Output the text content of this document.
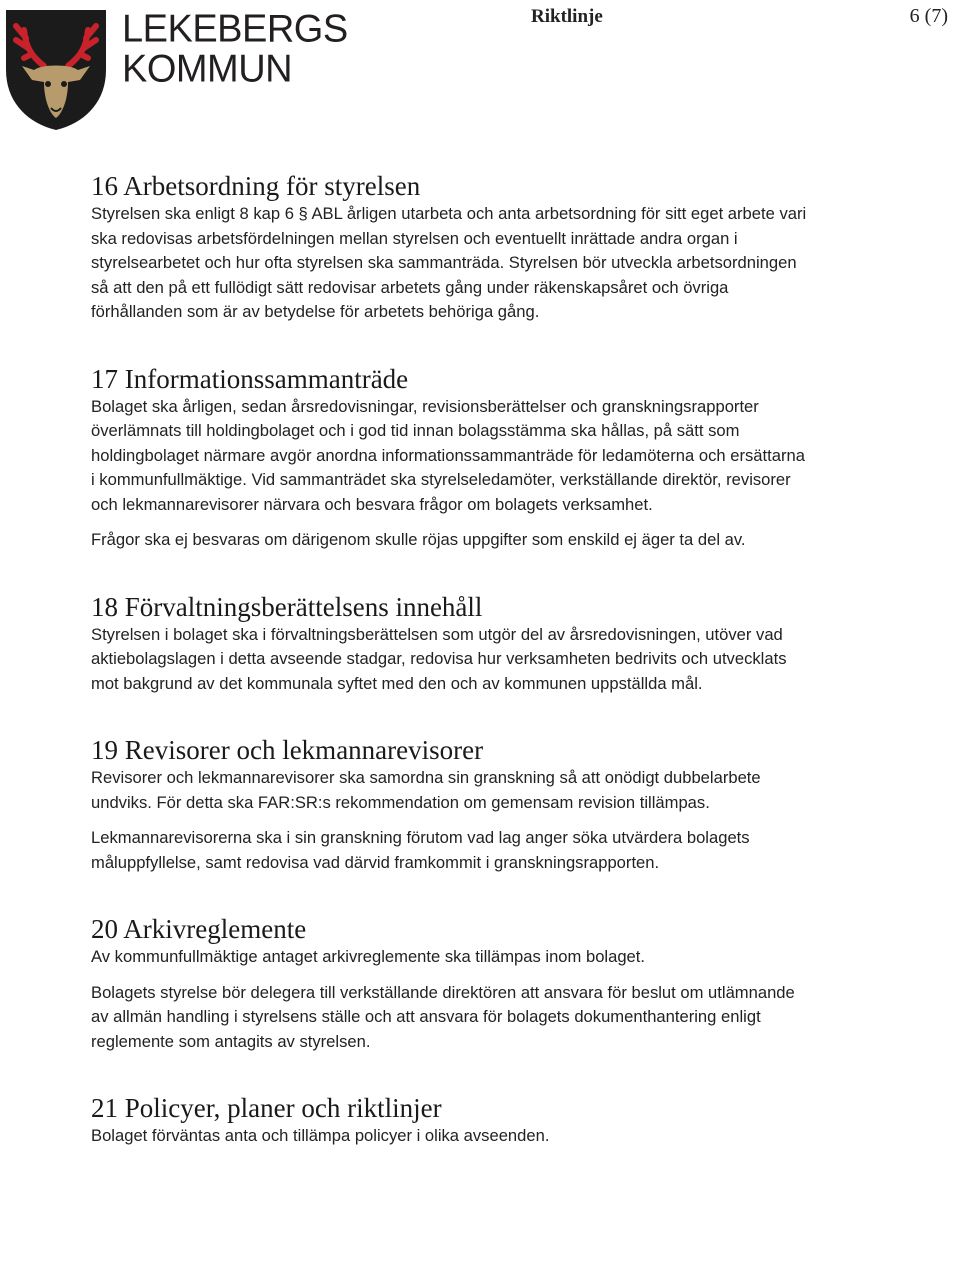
LEKEBERGS
KOMMUN
Riktlinje	6 (7)
16 Arbetsordning för styrelsen

Styrelsen ska enligt 8 kap 6 § ABL årligen utarbeta och anta arbetsordning för sitt eget arbete vari ska redovisas arbetsfördelningen mellan styrelsen och eventuellt inrättade andra organ i styrelsearbetet och hur ofta styrelsen ska sammanträda. Styrelsen bör utveckla arbetsordningen så att den på ett fullödigt sätt redovisar arbetets gång under räkenskapsåret och övriga förhållanden som är av betydelse för arbetets behöriga gång.

17 Informationssammanträde

Bolaget ska årligen, sedan årsredovisningar, revisionsberättelser och granskningsrapporter överlämnats till holdingbolaget och i god tid innan bolagsstämma ska hållas, på sätt som holdingbolaget närmare avgör anordna informationssammanträde för ledamöterna och ersättarna i kommunfullmäktige. Vid sammanträdet ska styrelseledamöter, verkställande direktör, revisorer och lekmannarevisorer närvara och besvara frågor om bolagets verksamhet.

Frågor ska ej besvaras om därigenom skulle röjas uppgifter som enskild ej äger ta del av.

18 Förvaltningsberättelsens innehåll

Styrelsen i bolaget ska i förvaltningsberättelsen som utgör del av årsredovisningen, utöver vad aktiebolagslagen i detta avseende stadgar, redovisa hur verksamheten bedrivits och utvecklats mot bakgrund av det kommunala syftet med den och av kommunen uppställda mål.

19 Revisorer och lekmannarevisorer

Revisorer och lekmannarevisorer ska samordna sin granskning så att onödigt dubbelarbete undviks. För detta ska FAR:SR:s rekommendation om gemensam revision tillämpas.

Lekmannarevisorerna ska i sin granskning förutom vad lag anger söka utvärdera bolagets måluppfyllelse, samt redovisa vad därvid framkommit i granskningsrapporten.

20 Arkivreglemente

Av kommunfullmäktige antaget arkivreglemente ska tillämpas inom bolaget.

Bolagets styrelse bör delegera till verkställande direktören att ansvara för beslut om utlämnande av allmän handling i styrelsens ställe och att ansvara för bolagets dokumenthantering enligt reglemente som antagits av styrelsen.

21 Policyer, planer och riktlinjer

Bolaget förväntas anta och tillämpa policyer i olika avseenden.
